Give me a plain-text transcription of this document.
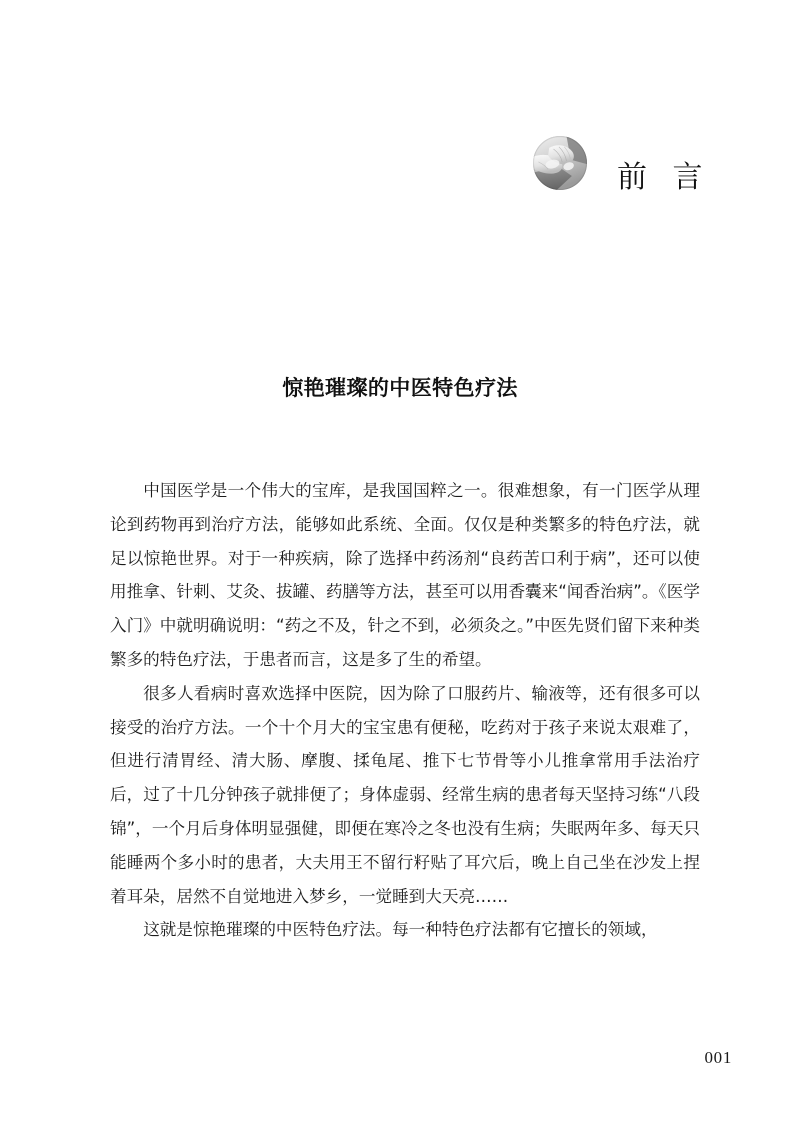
前 言
惊艳璀璨的中医特色疗法

中国医学是一个伟大的宝库，是我国国粹之一。很难想象，有一门医学从理论到药物再到治疗方法，能够如此系统、全面。仅仅是种类繁多的特色疗法，就足以惊艳世界。对于一种疾病，除了选择中药汤剂“良药苦口利于病”，还可以使用推拿、针刺、艾灸、拔罐、药膳等方法，甚至可以用香囊来“闻香治病”。《医学入门》中就明确说明：“药之不及，针之不到，必须灸之。”中医先贤们留下来种类繁多的特色疗法，于患者而言，这是多了生的希望。

很多人看病时喜欢选择中医院，因为除了口服药片、输液等，还有很多可以接受的治疗方法。一个十个月大的宝宝患有便秘，吃药对于孩子来说太艰难了，但进行清胃经、清大肠、摩腹、揉龟尾、推下七节骨等小儿推拿常用手法治疗后，过了十几分钟孩子就排便了；身体虚弱、经常生病的患者每天坚持习练“八段锦”，一个月后身体明显强健，即便在寒冷之冬也没有生病；失眠两年多、每天只能睡两个多小时的患者，大夫用王不留行籽贴了耳穴后，晚上自己坐在沙发上捏着耳朵，居然不自觉地进入梦乡，一觉睡到大天亮……

这就是惊艳璀璨的中医特色疗法。每一种特色疗法都有它擅长的领域，

001
